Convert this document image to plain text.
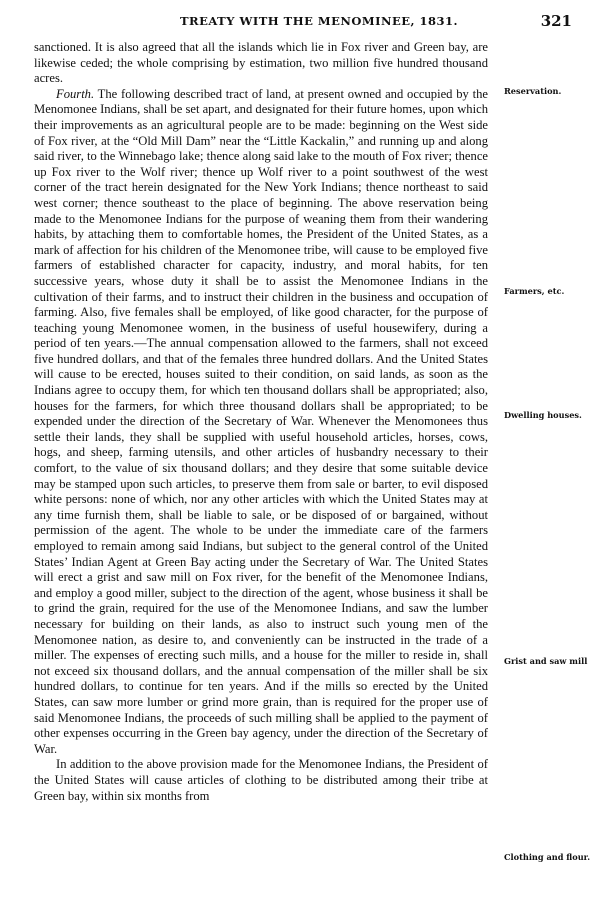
TREATY WITH THE MENOMINEE, 1831.	321

sanctioned. It is also agreed that all the islands which lie in Fox river and Green bay, are likewise ceded; the whole comprising by estimation, two million five hundred thousand acres.

Fourth. The following described tract of land, at present owned and occupied by the Menomonee Indians, shall be set apart, and designated for their future homes, upon which their improvements as an agricultural people are to be made: beginning on the West side of Fox river, at the “Old Mill Dam” near the “Little Kackalin,” and running up and along said river, to the Winnebago lake; thence along said lake to the mouth of Fox river; thence up Fox river to the Wolf river; thence up Wolf river to a point southwest of the west corner of the tract herein designated for the New York Indians; thence northeast to said west corner; thence southeast to the place of beginning. The above reservation being made to the Menomonee Indians for the purpose of weaning them from their wandering habits, by attaching them to comfortable homes, the President of the United States, as a mark of affection for his children of the Menomonee tribe, will cause to be employed five farmers of established character for capacity, industry, and moral habits, for ten successive years, whose duty it shall be to assist the Menomonee Indians in the cultivation of their farms, and to instruct their children in the business and occupation of farming. Also, five females shall be employed, of like good character, for the purpose of teaching young Menomonee women, in the business of useful housewifery, during a period of ten years.—The annual compensation allowed to the farmers, shall not exceed five hundred dollars, and that of the females three hundred dollars. And the United States will cause to be erected, houses suited to their condition, on said lands, as soon as the Indians agree to occupy them, for which ten thousand dollars shall be appropriated; also, houses for the farmers, for which three thousand dollars shall be appropriated; to be expended under the direction of the Secretary of War. Whenever the Menomonees thus settle their lands, they shall be supplied with useful household articles, horses, cows, hogs, and sheep, farming utensils, and other articles of husbandry necessary to their comfort, to the value of six thousand dollars; and they desire that some suitable device may be stamped upon such articles, to preserve them from sale or barter, to evil disposed white persons: none of which, nor any other articles with which the United States may at any time furnish them, shall be liable to sale, or be disposed of or bargained, without permission of the agent. The whole to be under the immediate care of the farmers employed to remain among said Indians, but subject to the general control of the United States’ Indian Agent at Green Bay acting under the Secretary of War. The United States will erect a grist and saw mill on Fox river, for the benefit of the Menomonee Indians, and employ a good miller, subject to the direction of the agent, whose business it shall be to grind the grain, required for the use of the Menomonee Indians, and saw the lumber necessary for building on their lands, as also to instruct such young men of the Menomonee nation, as desire to, and conveniently can be instructed in the trade of a miller. The expenses of erecting such mills, and a house for the miller to reside in, shall not exceed six thousand dollars, and the annual compensation of the miller shall be six hundred dollars, to continue for ten years. And if the mills so erected by the United States, can saw more lumber or grind more grain, than is required for the proper use of said Menomonee Indians, the proceeds of such milling shall be applied to the payment of other expenses occurring in the Green bay agency, under the direction of the Secretary of War.

In addition to the above provision made for the Menomonee Indians, the President of the United States will cause articles of clothing to be distributed among their tribe at Green bay, within six months from

Reservation.
Farmers, etc.
Dwelling houses.
Grist and saw mill
Clothing and flour.
